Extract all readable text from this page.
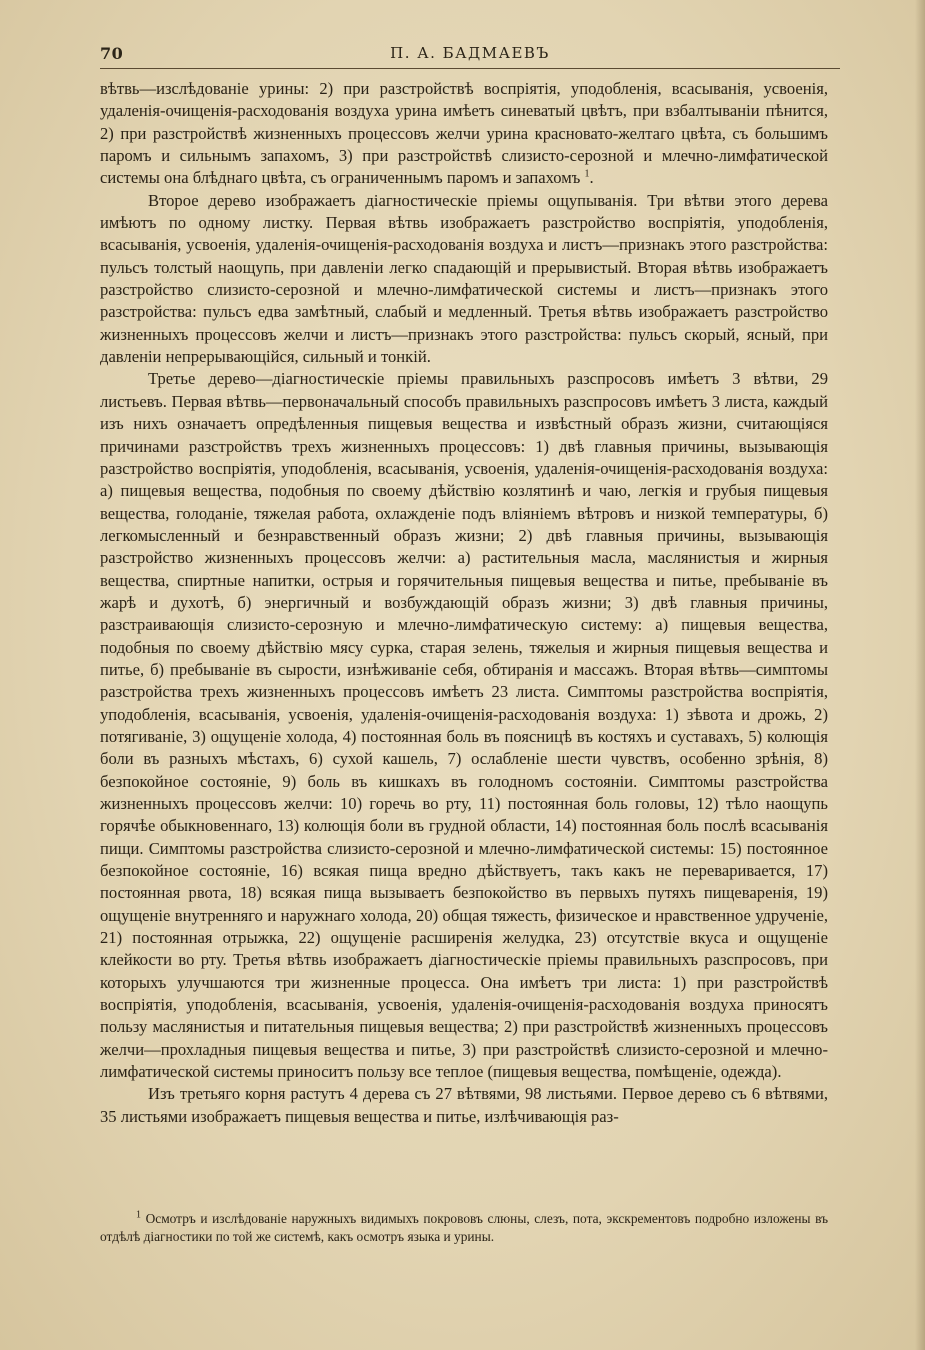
70	П. А. БАДМАЕВЪ

вѣтвь—изслѣдованіе урины: 2) при разстройствѣ воспріятія, уподобленія, всасыванія, усвоенія, удаленія-очищенія-расходованія воздуха урина имѣетъ синеватый цвѣтъ, при взбалтываніи пѣнится, 2) при разстройствѣ жизненныхъ процессовъ желчи урина красновато-желтаго цвѣта, съ большимъ паромъ и сильнымъ запахомъ, 3) при разстройствѣ слизисто-серозной и млечно-лимфатической системы она блѣднаго цвѣта, съ ограниченнымъ паромъ и запахомъ $^1$.

Второе дерево изображаетъ діагностическіе пріемы ощупыванія. Три вѣтви этого дерева имѣютъ по одному листку. Первая вѣтвь изображаетъ разстройство воспріятія, уподобленія, всасыванія, усвоенія, удаленія-очищенія-расходованія воздуха и листъ—признакъ этого разстройства: пульсъ толстый наощупь, при давленіи легко спадающій и прерывистый. Вторая вѣтвь изображаетъ разстройство слизисто-серозной и млечно-лимфатической системы и листъ—признакъ этого разстройства: пульсъ едва замѣтный, слабый и медленный. Третья вѣтвь изображаетъ разстройство жизненныхъ процессовъ желчи и листъ—признакъ этого разстройства: пульсъ скорый, ясный, при давленіи непрерывающійся, сильный и тонкій.

Третье дерево—діагностическіе пріемы правильныхъ разспросовъ имѣетъ 3 вѣтви, 29 листьевъ. Первая вѣтвь—первоначальный способъ правильныхъ разспросовъ имѣетъ 3 листа, каждый изъ нихъ означаетъ опредѣленныя пищевыя вещества и извѣстный образъ жизни, считающіяся причинами разстройствъ трехъ жизненныхъ процессовъ: 1) двѣ главныя причины, вызывающія разстройство воспріятія, уподобленія, всасыванія, усвоенія, удаленія-очищенія-расходованія воздуха: а) пищевыя вещества, подобныя по своему дѣйствію козлятинѣ и чаю, легкія и грубыя пищевыя вещества, голоданіе, тяжелая работа, охлажденіе подъ вліяніемъ вѣтровъ и низкой температуры, б) легкомысленный и безнравственный образъ жизни; 2) двѣ главныя причины, вызывающія разстройство жизненныхъ процессовъ желчи: а) растительныя масла, маслянистыя и жирныя вещества, спиртные напитки, острыя и горячительныя пищевыя вещества и питье, пребываніе въ жарѣ и духотѣ, б) энергичный и возбуждающій образъ жизни; 3) двѣ главныя причины, разстраивающія слизисто-серозную и млечно-лимфатическую систему: а) пищевыя вещества, подобныя по своему дѣйствію мясу сурка, старая зелень, тяжелыя и жирныя пищевыя вещества и питье, б) пребываніе въ сырости, изнѣживаніе себя, обтиранія и массажъ. Вторая вѣтвь—симптомы разстройства трехъ жизненныхъ процессовъ имѣетъ 23 листа. Симптомы разстройства воспріятія, уподобленія, всасыванія, усвоенія, удаленія-очищенія-расходованія воздуха: 1) зѣвота и дрожь, 2) потягиваніе, 3) ощущеніе холода, 4) постоянная боль въ поясницѣ въ костяхъ и суставахъ, 5) колющія боли въ разныхъ мѣстахъ, 6) сухой кашель, 7) ослабленіе шести чувствъ, особенно зрѣнія, 8) безпокойное состояніе, 9) боль въ кишкахъ въ голодномъ состояніи. Симптомы разстройства жизненныхъ процессовъ желчи: 10) горечь во рту, 11) постоянная боль головы, 12) тѣло наощупь горячѣе обыкновеннаго, 13) колющія боли въ грудной области, 14) постоянная боль послѣ всасыванія пищи. Симптомы разстройства слизисто-серозной и млечно-лимфатической системы: 15) постоянное безпокойное состояніе, 16) всякая пища вредно дѣйствуетъ, такъ какъ не переваривается, 17) постоянная рвота, 18) всякая пища вызываетъ безпокойство въ первыхъ путяхъ пищеваренія, 19) ощущеніе внутренняго и наружнаго холода, 20) общая тяжесть, физическое и нравственное удрученіе, 21) постоянная отрыжка, 22) ощущеніе расширенія желудка, 23) отсутствіе вкуса и ощущеніе клейкости во рту. Третья вѣтвь изображаетъ діагностическіе пріемы правильныхъ разспросовъ, при которыхъ улучшаются три жизненные процесса. Она имѣетъ три листа: 1) при разстройствѣ воспріятія, уподобленія, всасыванія, усвоенія, удаленія-очищенія-расходованія воздуха приносятъ пользу маслянистыя и питательныя пищевыя вещества; 2) при разстройствѣ жизненныхъ процессовъ желчи—прохладныя пищевыя вещества и питье, 3) при разстройствѣ слизисто-серозной и млечно-лимфатической системы приноситъ пользу все теплое (пищевыя вещества, помѣщеніе, одежда).

Изъ третьяго корня растутъ 4 дерева съ 27 вѣтвями, 98 листьями. Первое дерево съ 6 вѣтвями, 35 листьями изображаетъ пищевыя вещества и питье, излѣчивающія раз-

$^1$ Осмотръ и изслѣдованіе наружныхъ видимыхъ покрововъ слюны, слезъ, пота, экскрементовъ подробно изложены въ отдѣлѣ діагностики по той же системѣ, какъ осмотръ языка и урины.
